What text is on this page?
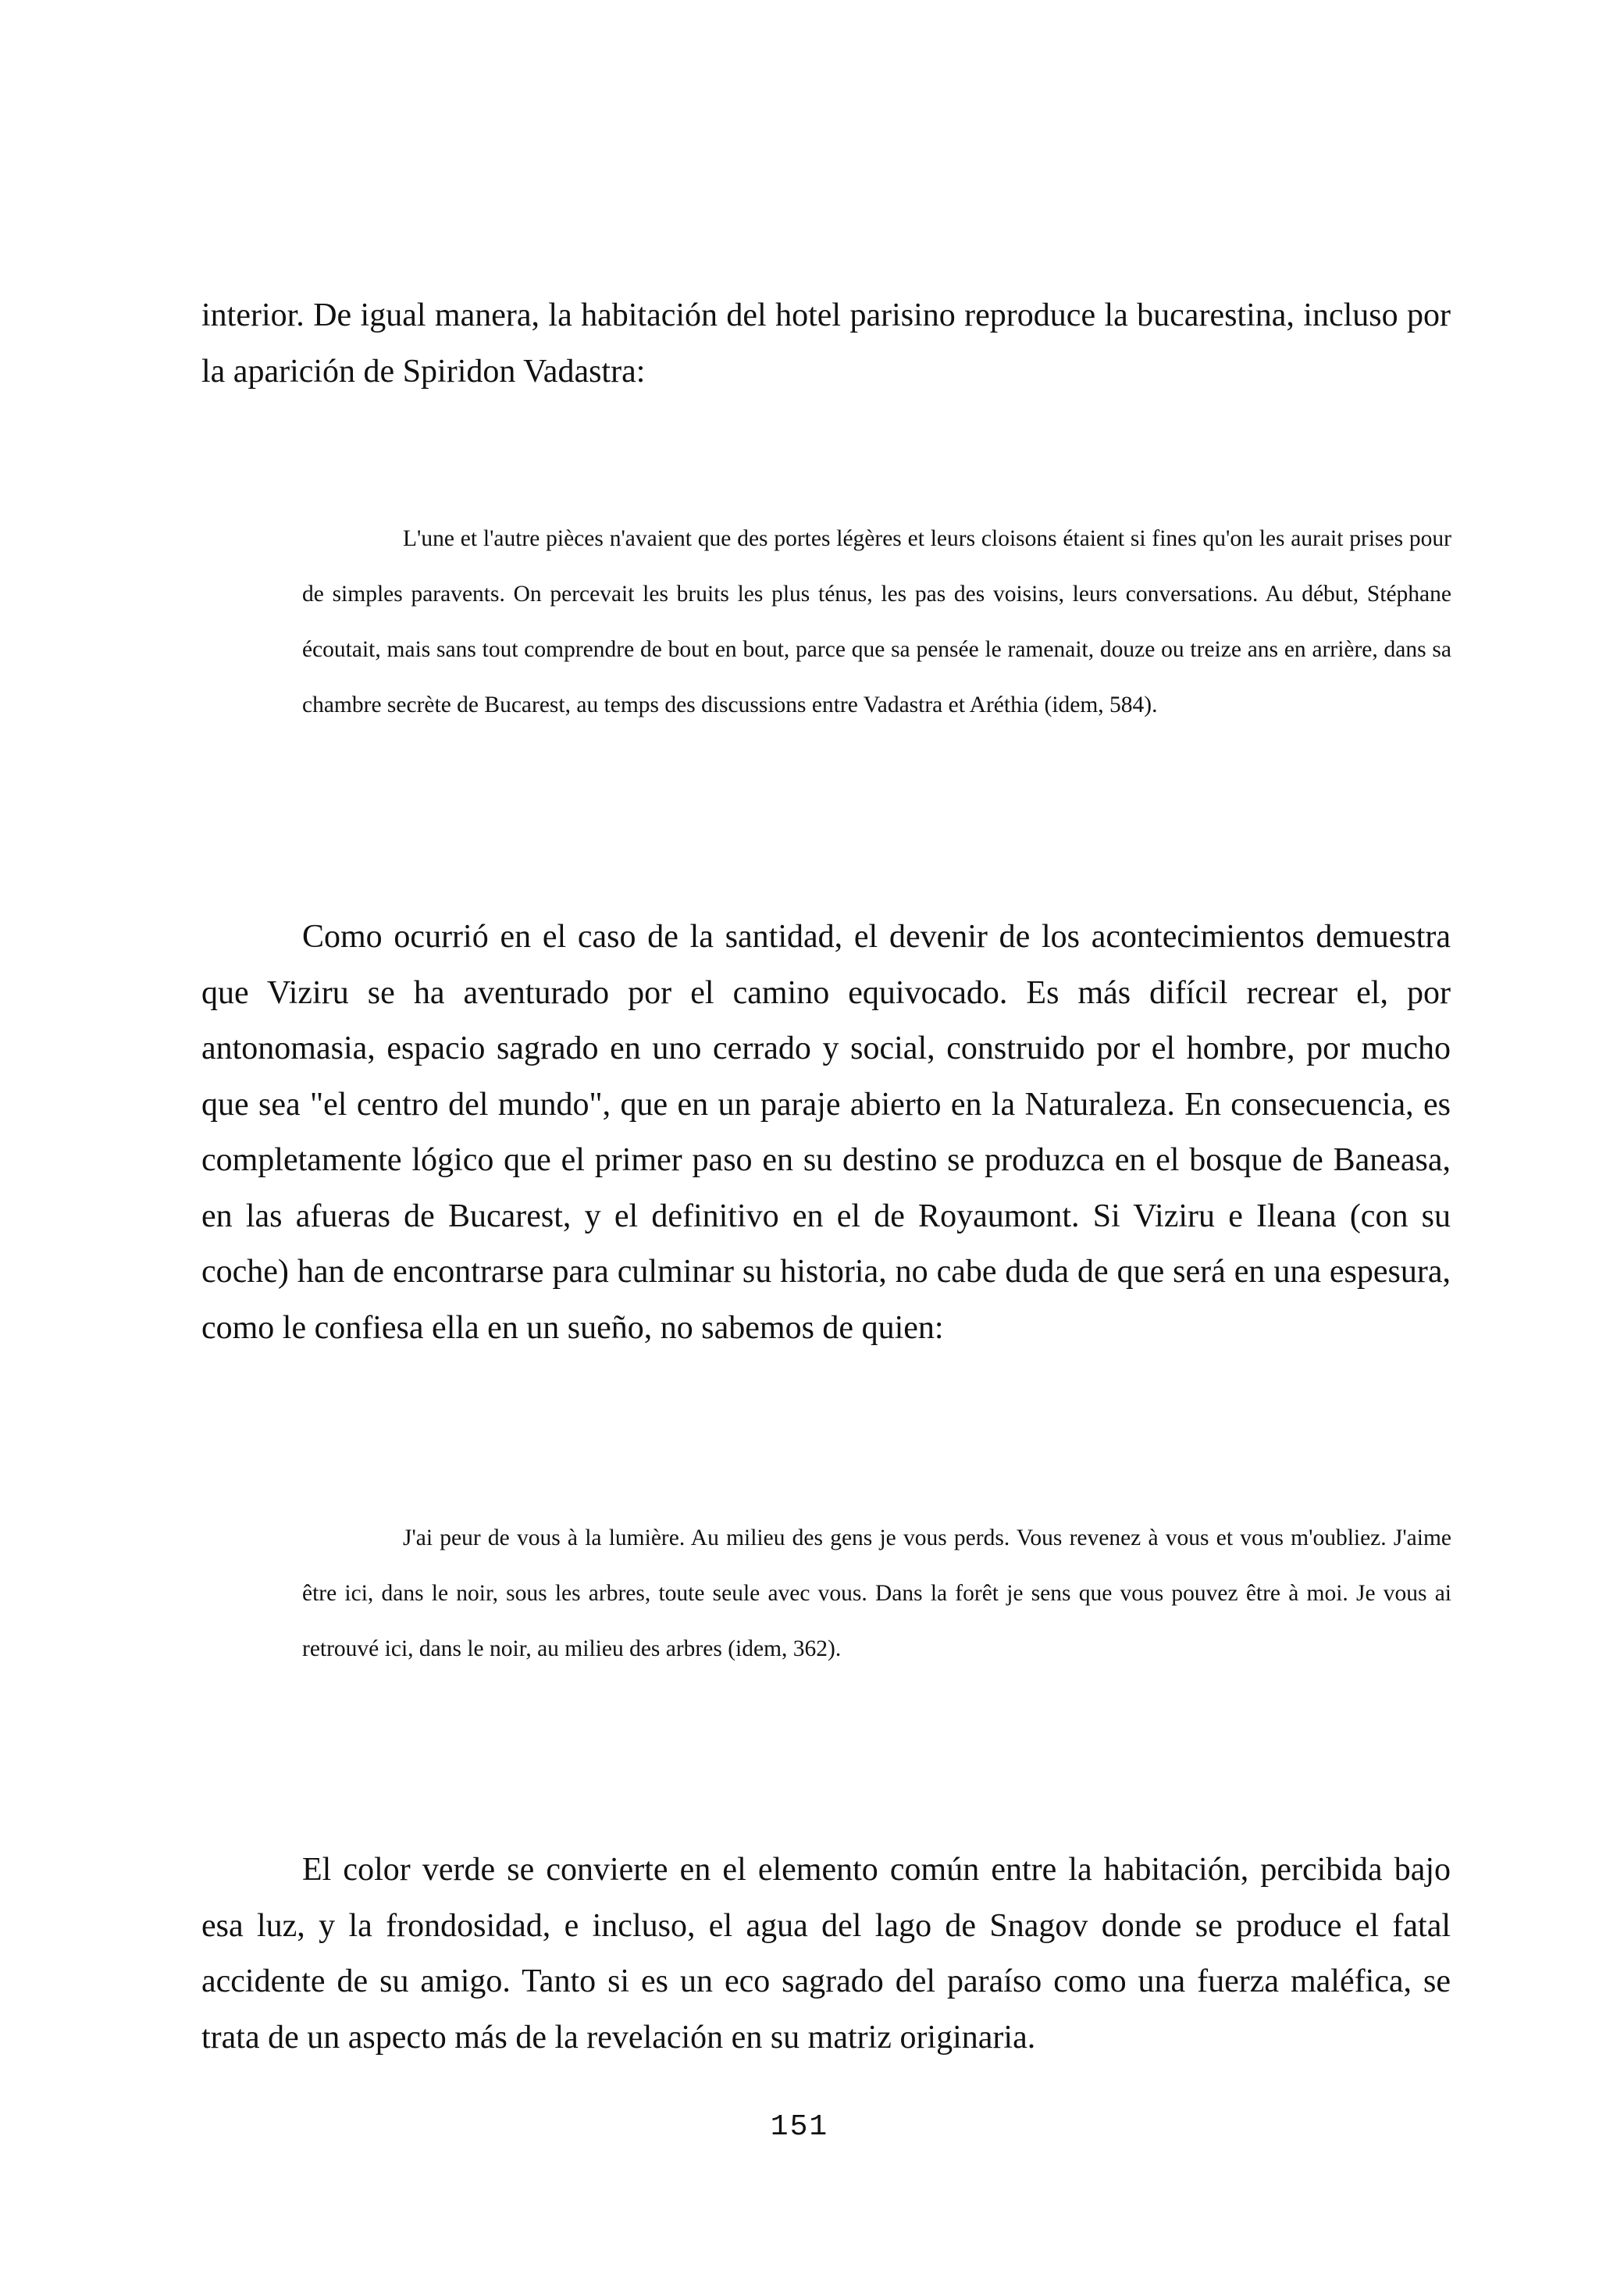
interior. De igual manera, la habitación del hotel parisino reproduce la bucarestina, incluso por la aparición de Spiridon Vadastra:

L'une et l'autre pièces n'avaient que des portes légères et leurs cloisons étaient si fines qu'on les aurait prises pour de simples paravents. On percevait les bruits les plus ténus, les pas des voisins, leurs conversations. Au début, Stéphane écoutait, mais sans tout comprendre de bout en bout, parce que sa pensée le ramenait, douze ou treize ans en arrière, dans sa chambre secrète de Bucarest, au temps des discussions entre Vadastra et Aréthia (idem, 584).

Como ocurrió en el caso de la santidad, el devenir de los acontecimientos demuestra que Viziru se ha aventurado por el camino equivocado. Es más difícil recrear el, por antonomasia, espacio sagrado en uno cerrado y social, construido por el hombre, por mucho que sea "el centro del mundo", que en un paraje abierto en la Naturaleza. En consecuencia, es completamente lógico que el primer paso en su destino se produzca en el bosque de Baneasa, en las afueras de Bucarest, y el definitivo en el de Royaumont. Si Viziru e Ileana (con su coche) han de encontrarse para culminar su historia, no cabe duda de que será en una espesura, como le confiesa ella en un sueño, no sabemos de quien:

J'ai peur de vous à la lumière. Au milieu des gens je vous perds. Vous revenez à vous et vous m'oubliez. J'aime être ici, dans le noir, sous les arbres, toute seule avec vous. Dans la forêt je sens que vous pouvez être à moi. Je vous ai retrouvé ici, dans le noir, au milieu des arbres (idem, 362).

El color verde se convierte en el elemento común entre la habitación, percibida bajo esa luz, y la frondosidad, e incluso, el agua del lago de Snagov donde se produce el fatal accidente de su amigo. Tanto si es un eco sagrado del paraíso como una fuerza maléfica, se trata de un aspecto más de la revelación en su matriz originaria.

151
